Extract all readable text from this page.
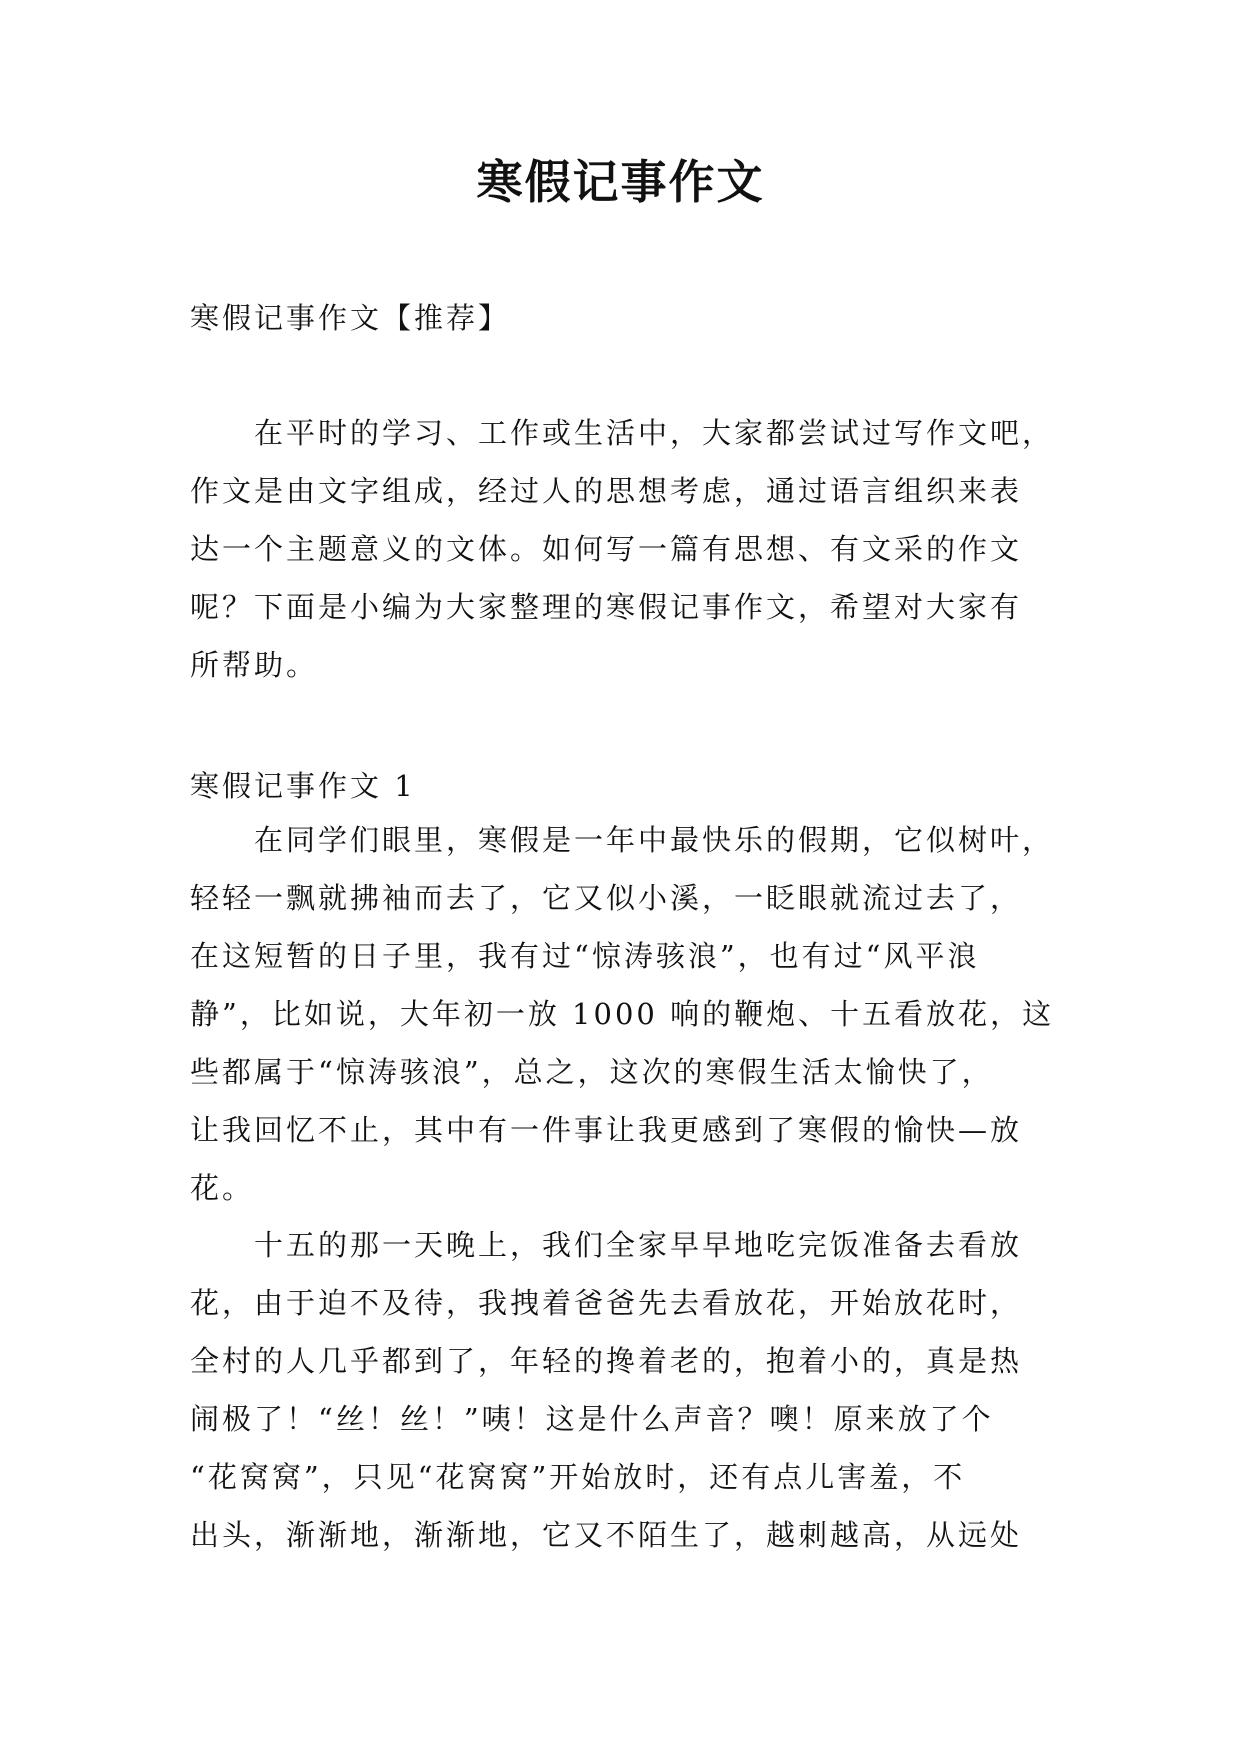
寒假记事作文

寒假记事作文【推荐】

　　在平时的学习、工作或生活中，大家都尝试过写作文吧，
作文是由文字组成，经过人的思想考虑，通过语言组织来表
达一个主题意义的文体。如何写一篇有思想、有文采的作文
呢？下面是小编为大家整理的寒假记事作文，希望对大家有
所帮助。

寒假记事作文 1

　　在同学们眼里，寒假是一年中最快乐的假期，它似树叶，
轻轻一飘就拂袖而去了，它又似小溪，一眨眼就流过去了，
在这短暂的日子里，我有过“惊涛骇浪”，也有过“风平浪
静”，比如说，大年初一放 1000 响的鞭炮、十五看放花，这
些都属于“惊涛骇浪”，总之，这次的寒假生活太愉快了，
让我回忆不止，其中有一件事让我更感到了寒假的愉快—放
花。
　　十五的那一天晚上，我们全家早早地吃完饭准备去看放
花，由于迫不及待，我拽着爸爸先去看放花，开始放花时，
全村的人几乎都到了，年轻的搀着老的，抱着小的，真是热
闹极了！“丝！丝！”咦！这是什么声音？噢！原来放了个
“花窝窝”，只见“花窝窝”开始放时，还有点儿害羞，不
出头，渐渐地，渐渐地，它又不陌生了，越刺越高，从远处
